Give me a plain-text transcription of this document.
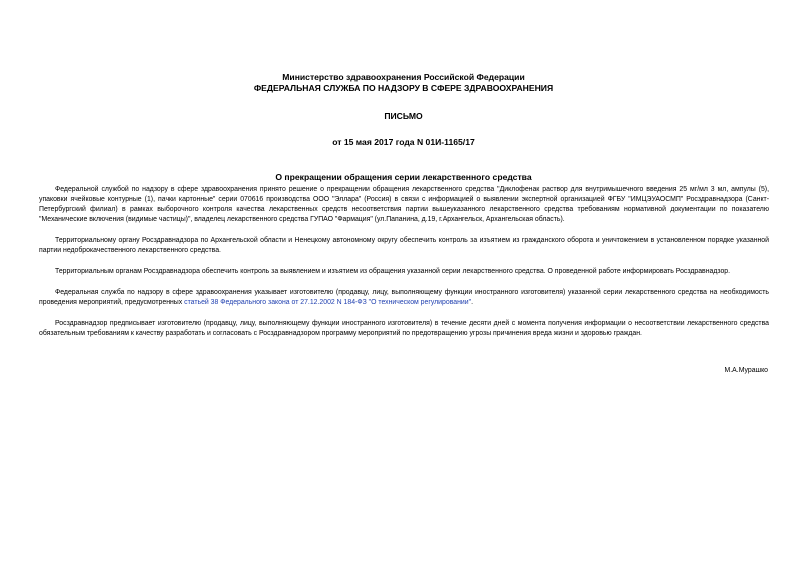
Министерство здравоохранения Российской Федерации
ФЕДЕРАЛЬНАЯ СЛУЖБА ПО НАДЗОРУ В СФЕРЕ ЗДРАВООХРАНЕНИЯ
ПИСЬМО
от 15 мая 2017 года N 01И-1165/17
О прекращении обращения серии лекарственного средства

Федеральной службой по надзору в сфере здравоохранения принято решение о прекращении обращения лекарственного средства "Диклофенак раствор для внутримышечного введения 25 мг/мл 3 мл, ампулы (5), упаковки ячейковые контурные (1), пачки картонные" серии 070616 производства ООО "Эллара" (Россия) в связи с информацией о выявлении экспертной организацией ФГБУ "ИМЦЭУАОСМП" Росздравнадзора (Санкт-Петербургский филиал) в рамках выборочного контроля качества лекарственных средств несоответствия партии вышеуказанного лекарственного средства требованиям нормативной документации по показателю "Механические включения (видимые частицы)", владелец лекарственного средства ГУПАО "Фармация" (ул.Папанина, д.19, г.Архангельск, Архангельская область).

Территориальному органу Росздравнадзора по Архангельской области и Ненецкому автономному округу обеспечить контроль за изъятием из гражданского оборота и уничтожением в установленном порядке указанной партии недоброкачественного лекарственного средства.

Территориальным органам Росздравнадзора обеспечить контроль за выявлением и изъятием из обращения указанной серии лекарственного средства. О проведенной работе информировать Росздравнадзор.

Федеральная служба по надзору в сфере здравоохранения указывает изготовителю (продавцу, лицу, выполняющему функции иностранного изготовителя) указанной серии лекарственного средства на необходимость проведения мероприятий, предусмотренных статьей 38 Федерального закона от 27.12.2002 N 184-ФЗ "О техническом регулировании".

Росздравнадзор предписывает изготовителю (продавцу, лицу, выполняющему функции иностранного изготовителя) в течение десяти дней с момента получения информации о несоответствии лекарственного средства обязательным требованиям к качеству разработать и согласовать с Росздравнадзором программу мероприятий по предотвращению угрозы причинения вреда жизни и здоровью граждан.

М.А.Мурашко
